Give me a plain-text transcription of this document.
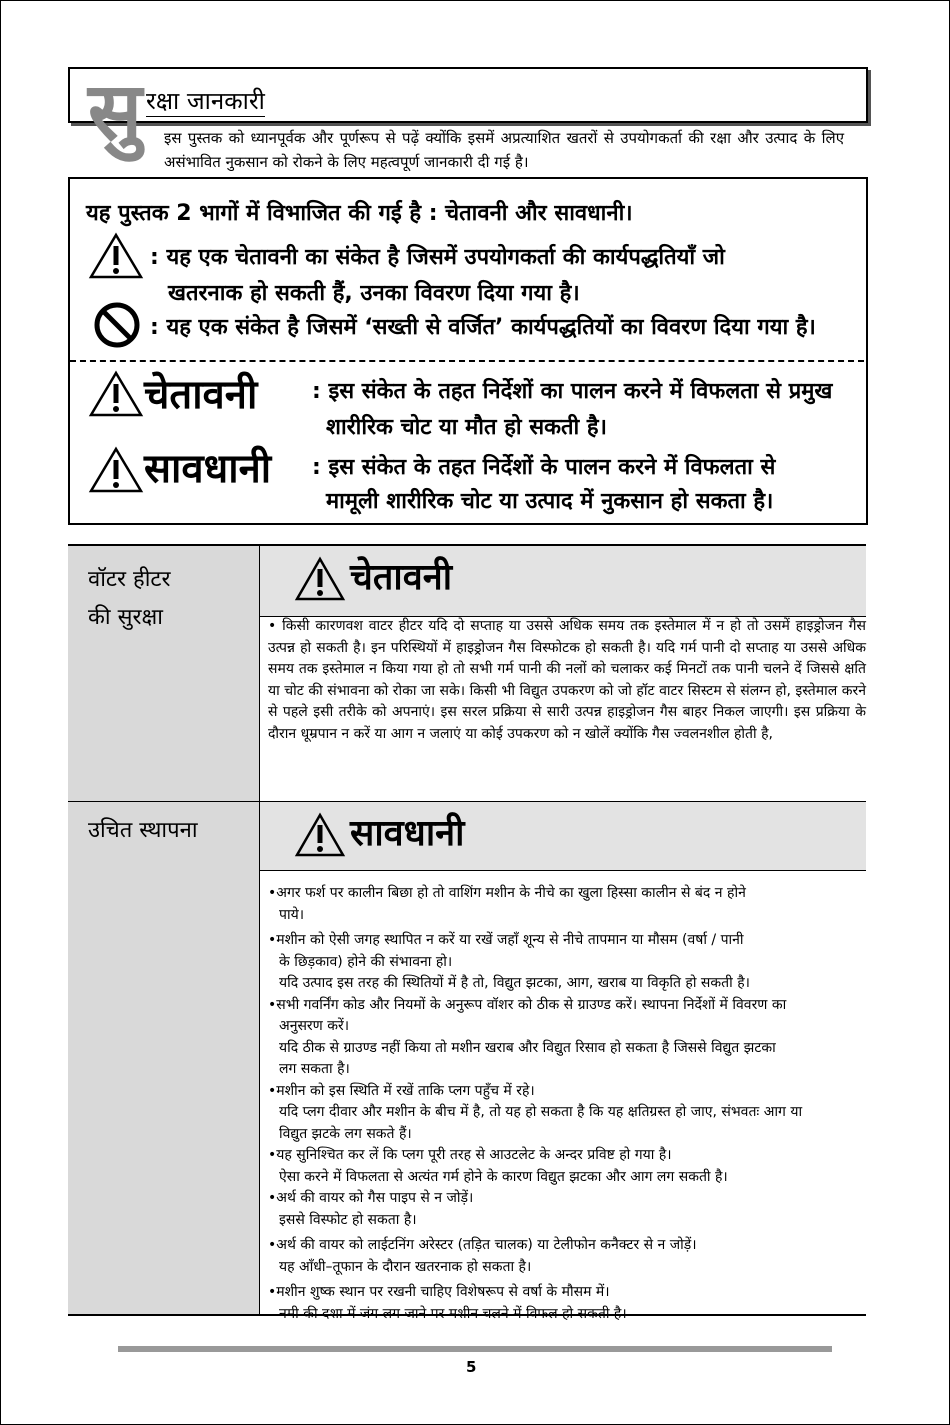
सु रक्षा जानकारी
इस पुस्तक को ध्यानपूर्वक और पूर्णरूप से पढ़ें क्योंकि इसमें अप्रत्याशित खतरों से उपयोगकर्ता की रक्षा और उत्पाद के लिए असंभावित नुकसान को रोकने के लिए महत्वपूर्ण जानकारी दी गई है।
यह पुस्तक 2 भागों में विभाजित की गई है : चेतावनी और सावधानी।
: यह एक चेतावनी का संकेत है जिसमें उपयोगकर्ता की कार्यपद्धतियाँ जो
खतरनाक हो सकती हैं, उनका विवरण दिया गया है।
: यह एक संकेत है जिसमें ‘सख्ती से वर्जित’ कार्यपद्धतियों का विवरण दिया गया है।
चेतावनी : इस संकेत के तहत निर्देशों का पालन करने में विफलता से प्रमुख
शारीरिक चोट या मौत हो सकती है।
सावधानी : इस संकेत के तहत निर्देशों के पालन करने में विफलता से
मामूली शारीरिक चोट या उत्पाद में नुकसान हो सकता है।
वॉटर हीटर
की सुरक्षा
चेतावनी
• किसी कारणवश वाटर हीटर यदि दो सप्ताह या उससे अधिक समय तक इस्तेमाल में न हो तो उसमें हाइड्रोजन गैस उत्पन्न हो सकती है। इन परिस्थियों में हाइड्रोजन गैस विस्फोटक हो सकती है। यदि गर्म पानी दो सप्ताह या उससे अधिक समय तक इस्तेमाल न किया गया हो तो सभी गर्म पानी की नलों को चलाकर कई मिनटों तक पानी चलने दें जिससे क्षति या चोट की संभावना को रोका जा सके। किसी भी विद्युत उपकरण को जो हॉट वाटर सिस्टम से संलग्न हो, इस्तेमाल करने से पहले इसी तरीके को अपनाएं। इस सरल प्रक्रिया से सारी उत्पन्न हाइड्रोजन गैस बाहर निकल जाएगी। इस प्रक्रिया के दौरान धूम्रपान न करें या आग न जलाएं या कोई उपकरण को न खोलें क्योंकि गैस ज्वलनशील होती है,
उचित स्थापना	सावधानी

•अगर फर्श पर कालीन बिछा हो तो वाशिंग मशीन के नीचे का खुला हिस्सा कालीन से बंद न होने

पाये।

•मशीन को ऐसी जगह स्थापित न करें या रखें जहाँ शून्य से नीचे तापमान या मौसम (वर्षा / पानी

के छिड़काव) होने की संभावना हो।

यदि उत्पाद इस तरह की स्थितियों में है तो, विद्युत झटका, आग, खराब या विकृति हो सकती है।

•सभी गवर्निंग कोड और नियमों के अनुरूप वॉशर को ठीक से ग्राउण्ड करें। स्थापना निर्देशों में विवरण का

अनुसरण करें।

यदि ठीक से ग्राउण्ड नहीं किया तो मशीन खराब और विद्युत रिसाव हो सकता है जिससे विद्युत झटका

लग सकता है।

•मशीन को इस स्थिति में रखें ताकि प्लग पहुँच में रहे।

यदि प्लग दीवार और मशीन के बीच में है, तो यह हो सकता है कि यह क्षतिग्रस्त हो जाए, संभवतः आग या

विद्युत झटके लग सकते हैं।

•यह सुनिश्चित कर लें कि प्लग पूरी तरह से आउटलेट के अन्दर प्रविष्ट हो गया है।

ऐसा करने में विफलता से अत्यंत गर्म होने के कारण विद्युत झटका और आग लग सकती है।

•अर्थ की वायर को गैस पाइप से न जोड़ें।

इससे विस्फोट हो सकता है।

•अर्थ की वायर को लाईटनिंग अरेस्टर (तड़ित चालक) या टेलीफोन कनैक्टर से न जोड़ें।

यह आँधी–तूफान के दौरान खतरनाक हो सकता है।

•मशीन शुष्क स्थान पर रखनी चाहिए विशेषरूप से वर्षा के मौसम में।

नमी की दशा में जंग लग जाने पर मशीन चलने में विफल हो सकती है।

5
